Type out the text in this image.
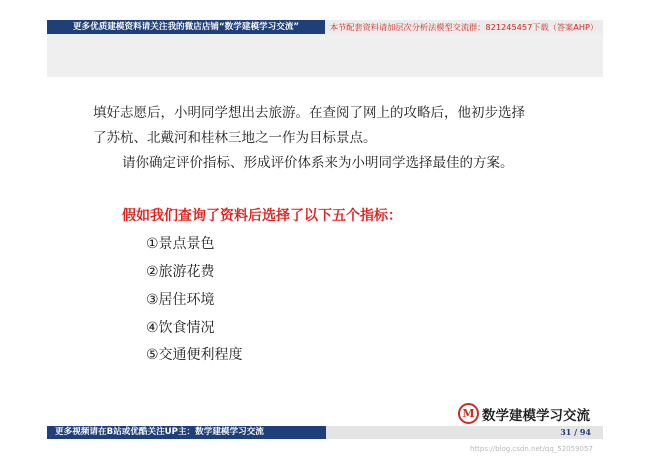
更多优质建模资料请关注我的微店店铺“数学建模学习交流”	本节配套资料请加层次分析法模型交流群：821245457下载（答案AHP）
填好志愿后，小明同学想出去旅游。在查阅了网上的攻略后，他初步选择
了苏杭、北戴河和桂林三地之一作为目标景点。
请你确定评价指标、形成评价体系来为小明同学选择最佳的方案。
假如我们查询了资料后选择了以下五个指标：
①景点景色
②旅游花费
③居住环境
④饮食情况
⑤交通便利程度
M 数学建模学习交流
更多视频请在B站或优酷关注UP主：数学建模学习交流	31 / 94
https://blog.csdn.net/qq_52059057
